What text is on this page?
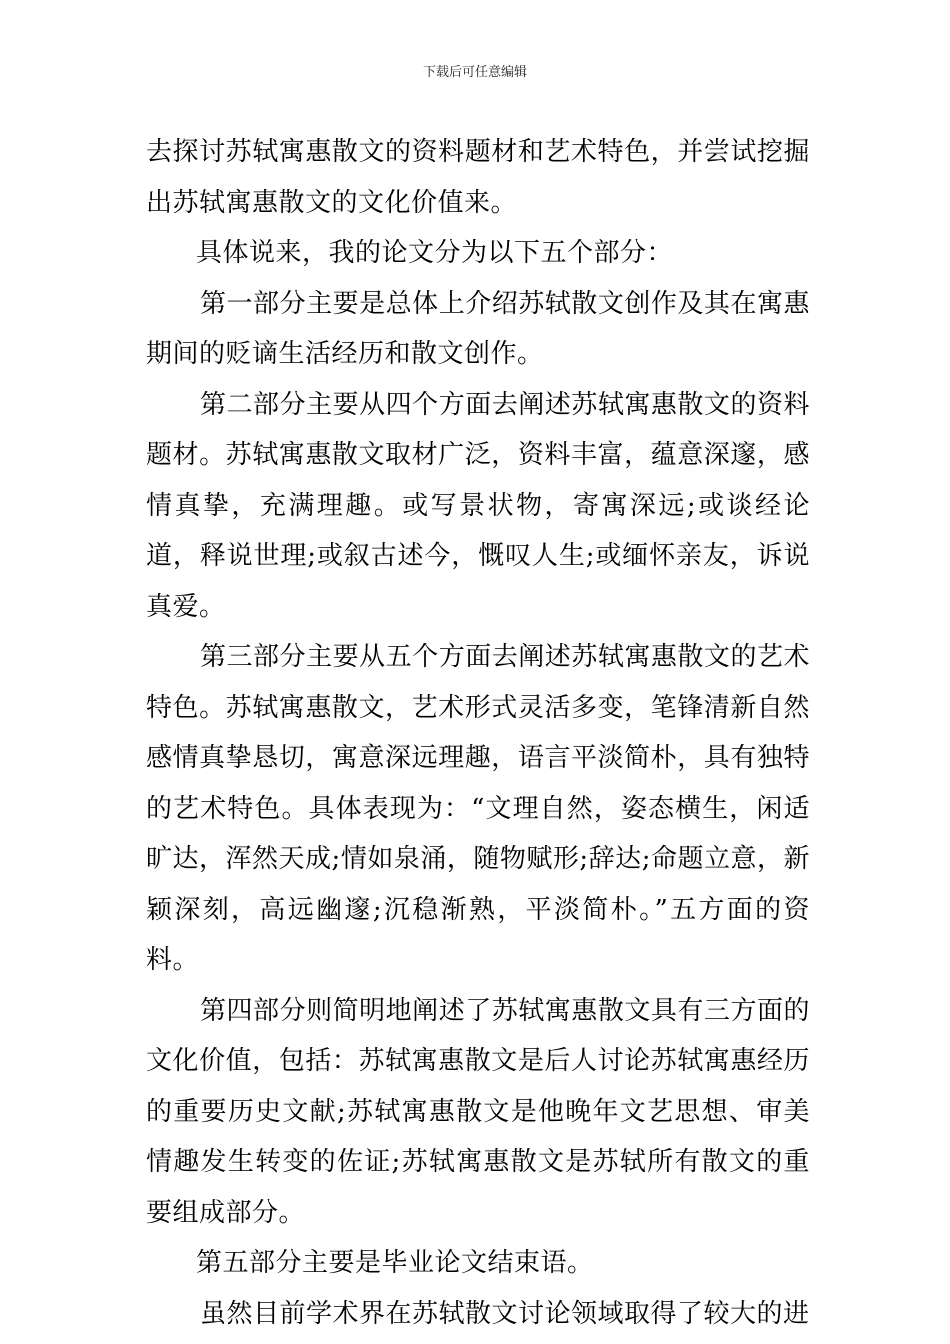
下载后可任意编辑

去探讨苏轼寓惠散文的资料题材和艺术特色，并尝试挖掘出苏轼寓惠散文的文化价值来。

具体说来，我的论文分为以下五个部分：

第一部分主要是总体上介绍苏轼散文创作及其在寓惠期间的贬谪生活经历和散文创作。

第二部分主要从四个方面去阐述苏轼寓惠散文的资料题材。苏轼寓惠散文取材广泛，资料丰富，蕴意深邃，感情真挚，充满理趣。或写景状物，寄寓深远;或谈经论道，释说世理;或叙古述今，慨叹人生;或缅怀亲友，诉说真爱。

第三部分主要从五个方面去阐述苏轼寓惠散文的艺术特色。苏轼寓惠散文，艺术形式灵活多变，笔锋清新自然感情真挚恳切，寓意深远理趣，语言平淡简朴，具有独特的艺术特色。具体表现为：“文理自然，姿态横生，闲适旷达，浑然天成;情如泉涌，随物赋形;辞达;命题立意，新颖深刻，高远幽邃;沉稳渐熟，平淡简朴。”五方面的资料。

第四部分则简明地阐述了苏轼寓惠散文具有三方面的文化价值，包括：苏轼寓惠散文是后人讨论苏轼寓惠经历的重要历史文献;苏轼寓惠散文是他晚年文艺思想、审美情趣发生转变的佐证;苏轼寓惠散文是苏轼所有散文的重要组成部分。

第五部分主要是毕业论文结束语。

虽然目前学术界在苏轼散文讨论领域取得了较大的进
